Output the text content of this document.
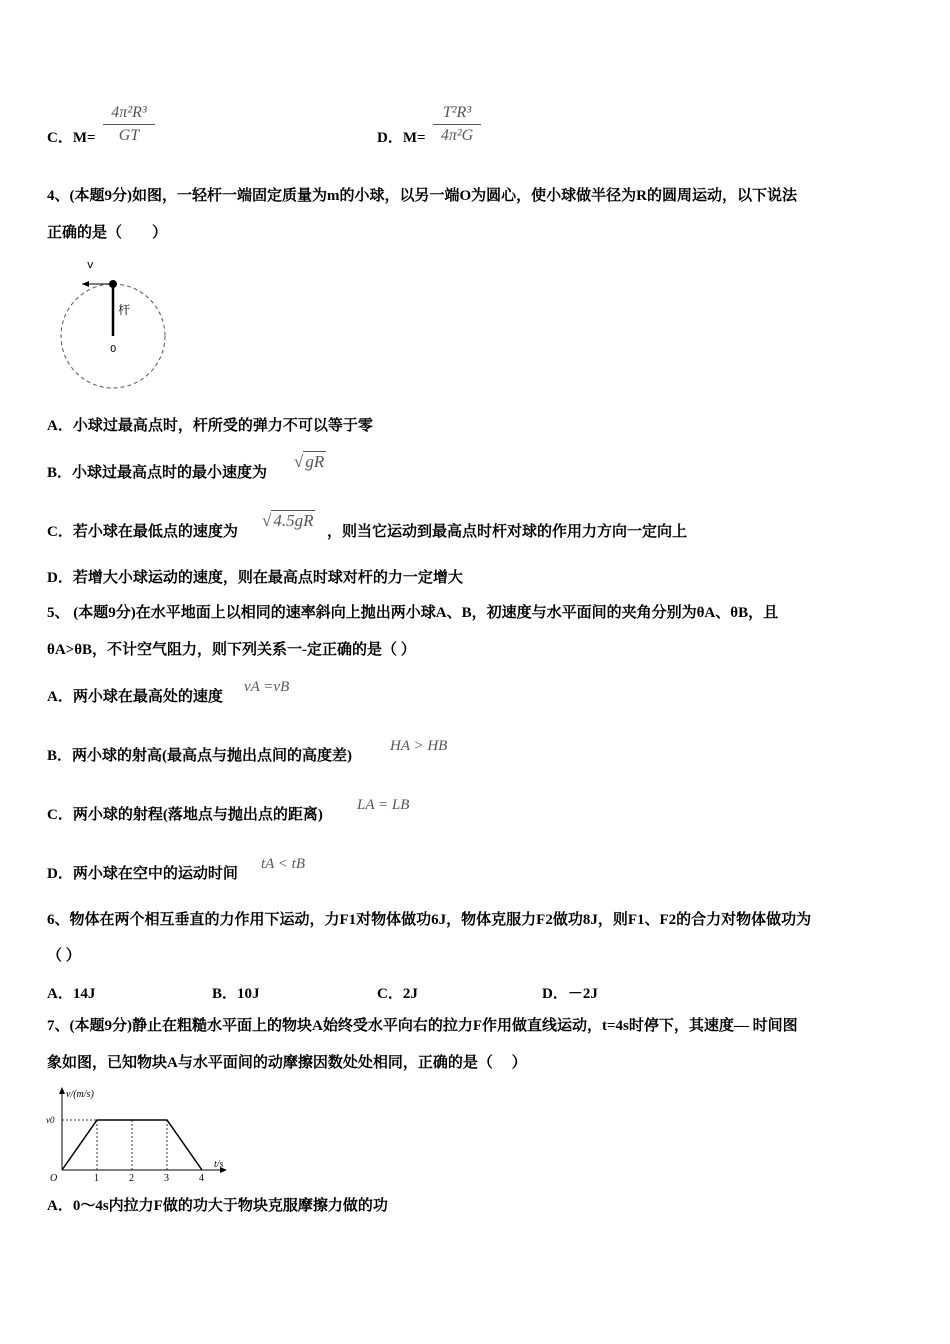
C．$M= \frac{\text{4π²R³}}{GT}$	D．$M= \frac{\text{T²R³}}{\text{4π²G}}$
4、(本题9分)如图，一轻杆一端固定质量为m的小球，以另一端O为圆心，使小球做半径为R的圆周运动，以下说法
正确的是（　　）
v
杆
0
A．小球过最高点时，杆所受的弹力不可以等于零
B．小球过最高点时的最小速度为
√ gR
C．若小球在最低点的速度为
√ 4.5gR
，则当它运动到最高点时杆对球的作用力方向一定向上
D．若增大小球运动的速度，则在最高点时球对杆的力一定增大
5、 (本题9分)在水平地面上以相同的速率斜向上抛出两小球A、B，初速度与水平面间的夹角分别为θA、θB，且
θA>θB，不计空气阻力，则下列关系一-定正确的是（ ）
A．两小球在最高处的速度
vA =vB
B．两小球的射高(最高点与抛出点间的高度差)
HA > HB
C．两小球的射程(落地点与抛出点的距离)
LA = LB
D．两小球在空中的运动时间
tA < tB
6、物体在两个相互垂直的力作用下运动，力F1对物体做功6J，物体克服力F2做功8J，则F1、F2的合力对物体做功为
（ ）
A．14J	B．10J	C．2J	D．－2J
7、(本题9分)静止在粗糙水平面上的物块A始终受水平向右的拉力F作用做直线运动，t=4s时停下，其速度— 时间图
象如图，已知物块A与水平面间的动摩擦因数处处相同，正确的是（　 ）
v/(m/s)
t/s
v0
O	1	2	3	4
A．0～4s内拉力F做的功大于物块克服摩擦力做的功
